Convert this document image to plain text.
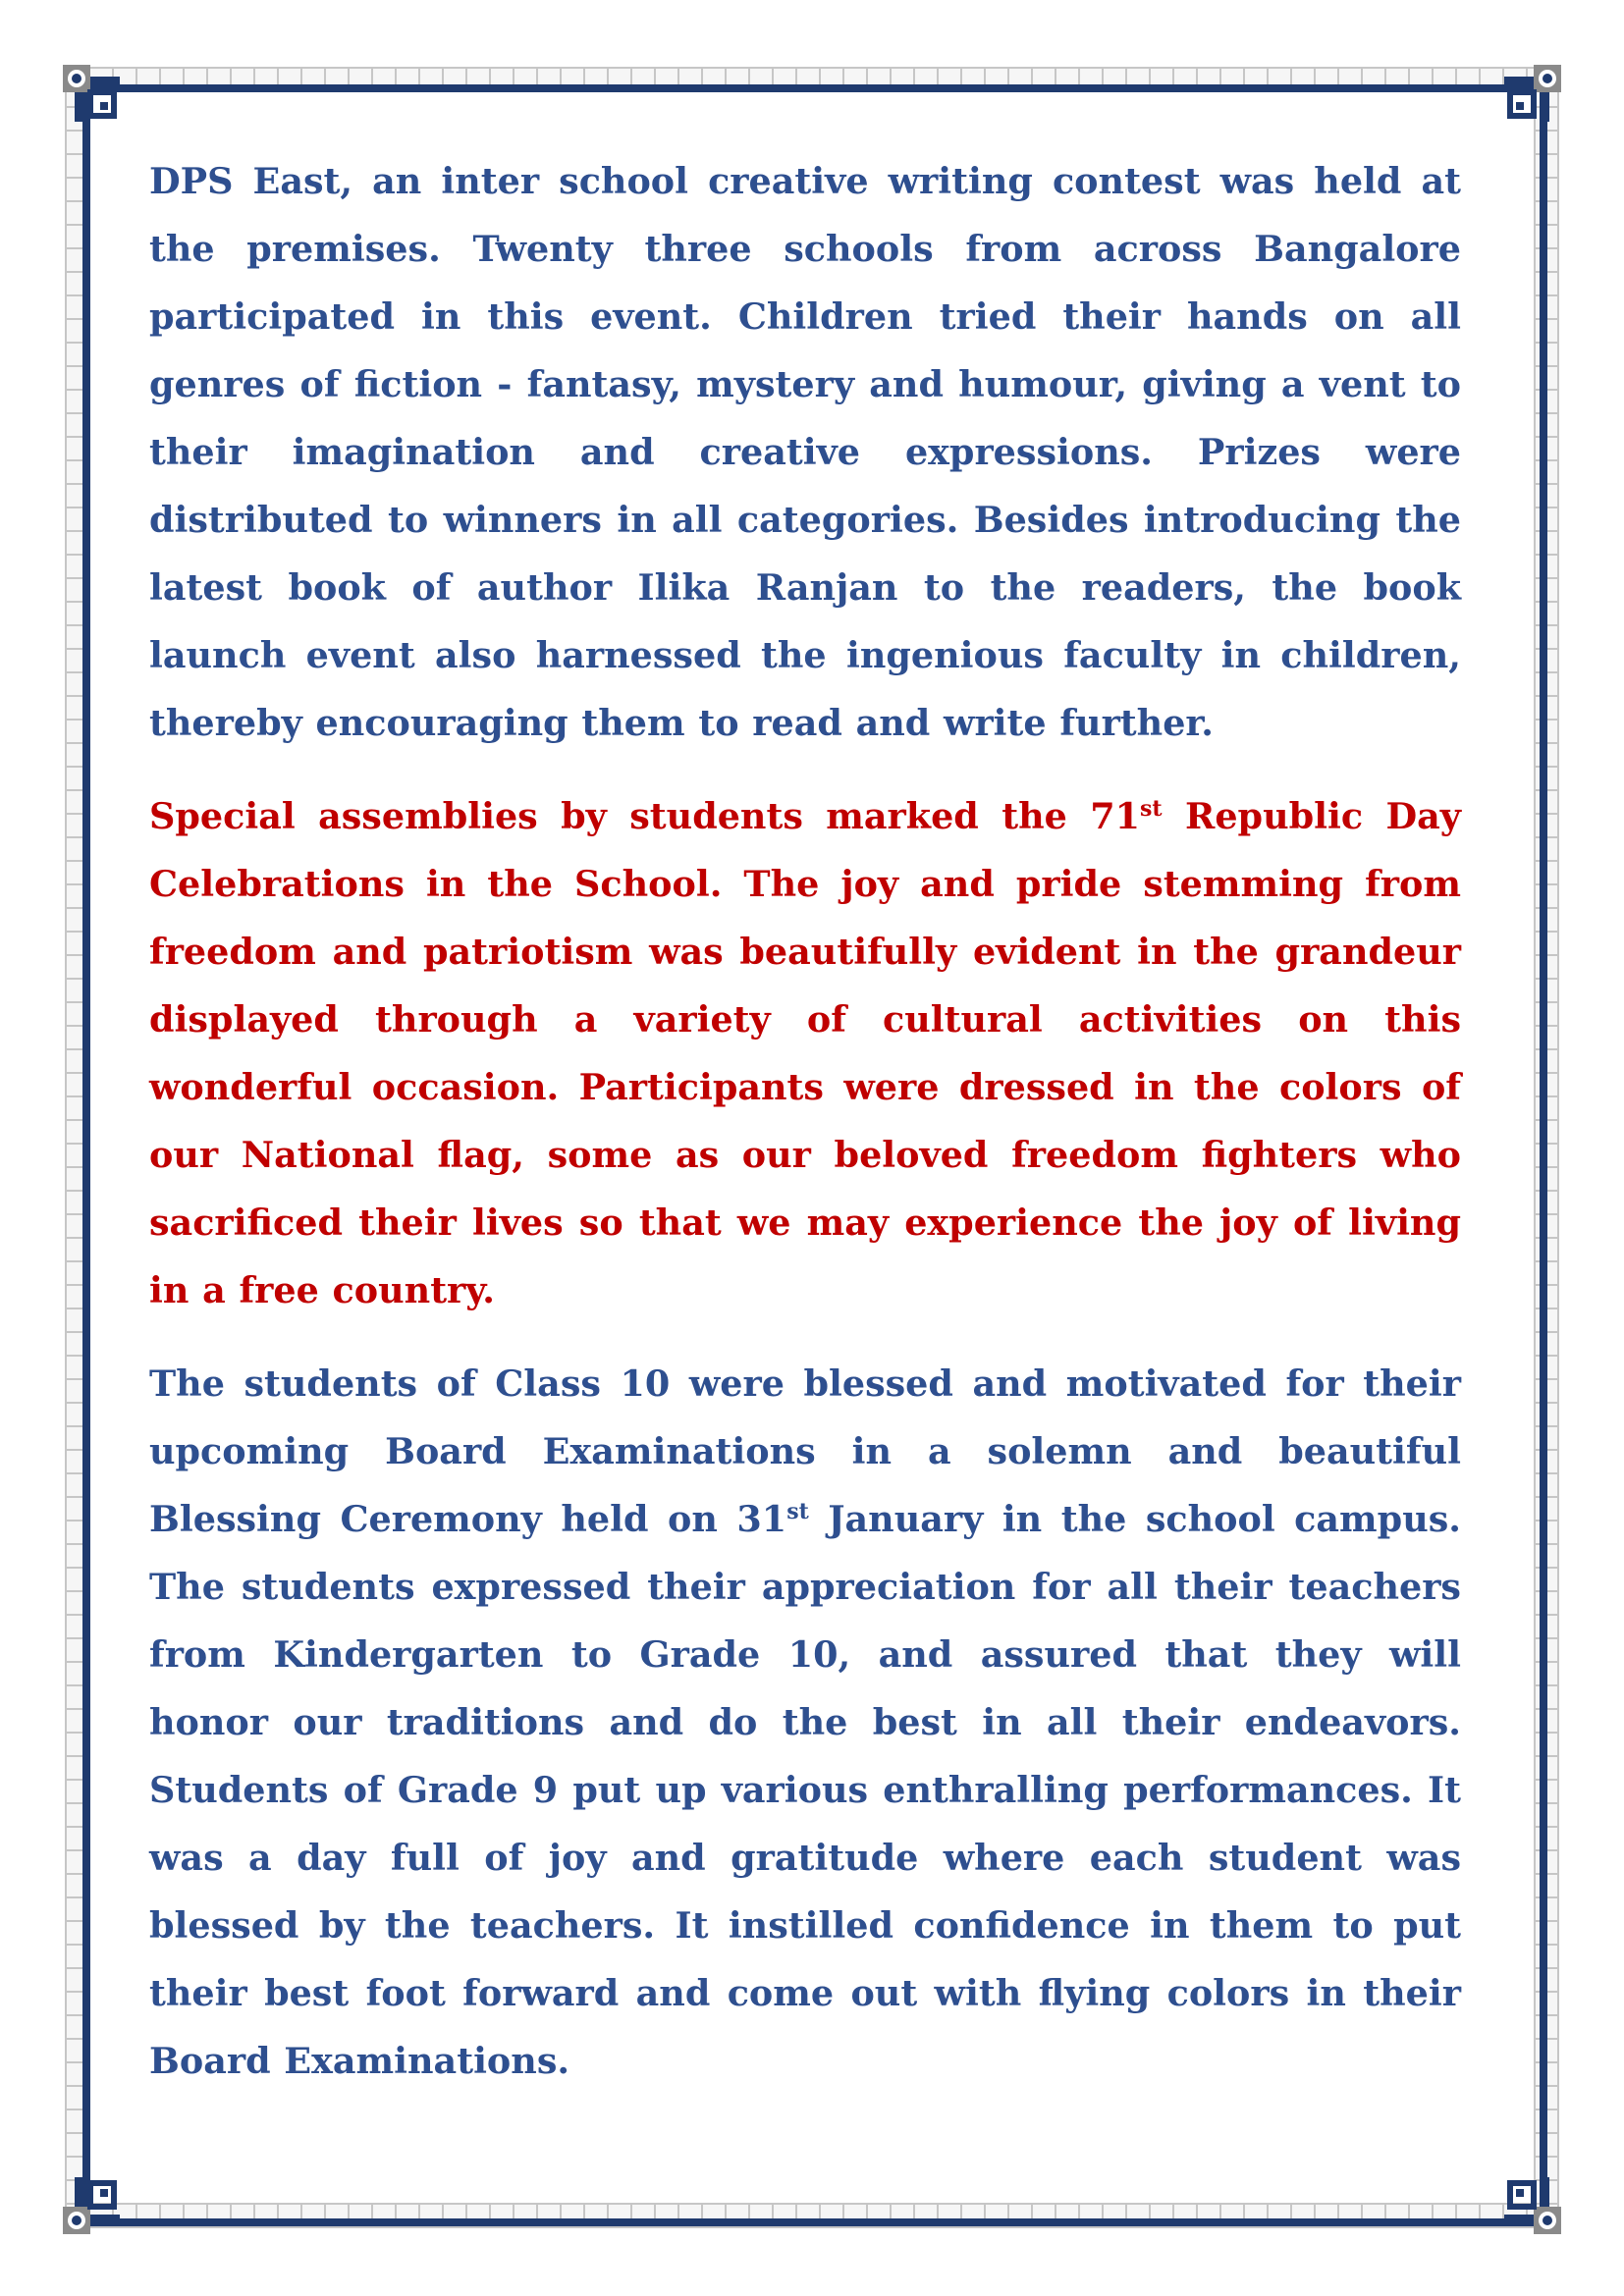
DPS East, an inter school creative writing contest was held at the premises. Twenty three schools from across Bangalore participated in this event. Children tried their hands on all genres of fiction - fantasy, mystery and humour, giving a vent to their imagination and creative expressions. Prizes were distributed to winners in all categories. Besides introducing the latest book of author Ilika Ranjan to the readers, the book launch event also harnessed the ingenious faculty in children, thereby encouraging them to read and write further.

Special assemblies by students marked the 71st Republic Day Celebrations in the School. The joy and pride stemming from freedom and patriotism was beautifully evident in the grandeur displayed through a variety of cultural activities on this wonderful occasion. Participants were dressed in the colors of our National flag, some as our beloved freedom fighters who sacrificed their lives so that we may experience the joy of living in a free country.

The students of Class 10 were blessed and motivated for their upcoming Board Examinations in a solemn and beautiful Blessing Ceremony held on 31st January in the school campus. The students expressed their appreciation for all their teachers from Kindergarten to Grade 10, and assured that they will honor our traditions and do the best in all their endeavors. Students of Grade 9 put up various enthralling performances. It was a day full of joy and gratitude where each student was blessed by the teachers. It instilled confidence in them to put their best foot forward and come out with flying colors in their Board Examinations.
